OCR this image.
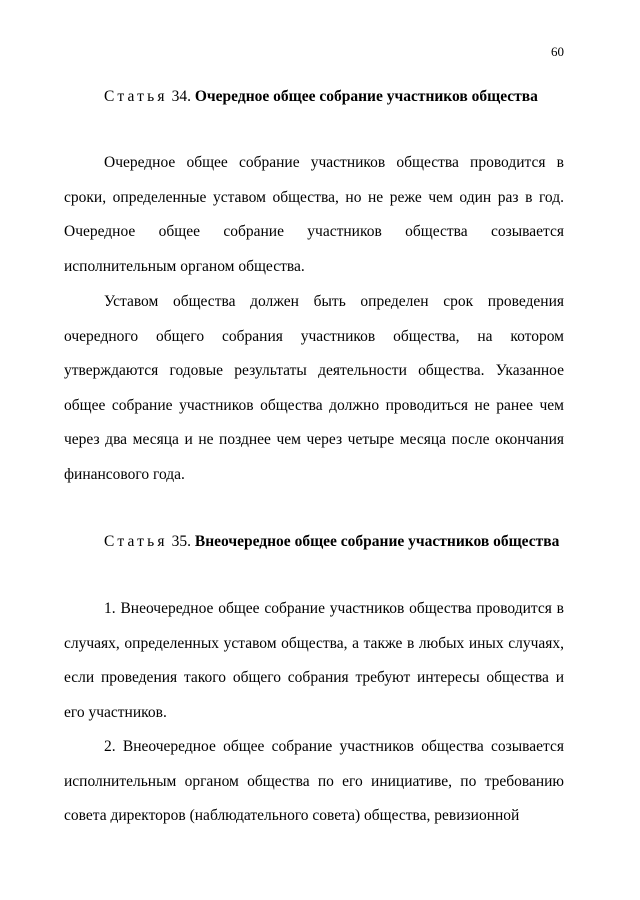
60
Статья 34. Очередное общее собрание участников общества

Очередное общее собрание участников общества проводится в сроки, определенные уставом общества, но не реже чем один раз в год. Очередное общее собрание участников общества созывается исполнительным органом общества.

Уставом общества должен быть определен срок проведения очередного общего собрания участников общества, на котором утверждаются годовые результаты деятельности общества. Указанное общее собрание участников общества должно проводиться не ранее чем через два месяца и не позднее чем через четыре месяца после окончания финансового года.

Статья 35. Внеочередное общее собрание участников общества

1. Внеочередное общее собрание участников общества проводится в случаях, определенных уставом общества, а также в любых иных случаях, если проведения такого общего собрания требуют интересы общества и его участников.

2. Внеочередное общее собрание участников общества созывается исполнительным органом общества по его инициативе, по требованию совета директоров (наблюдательного совета) общества, ревизионной
